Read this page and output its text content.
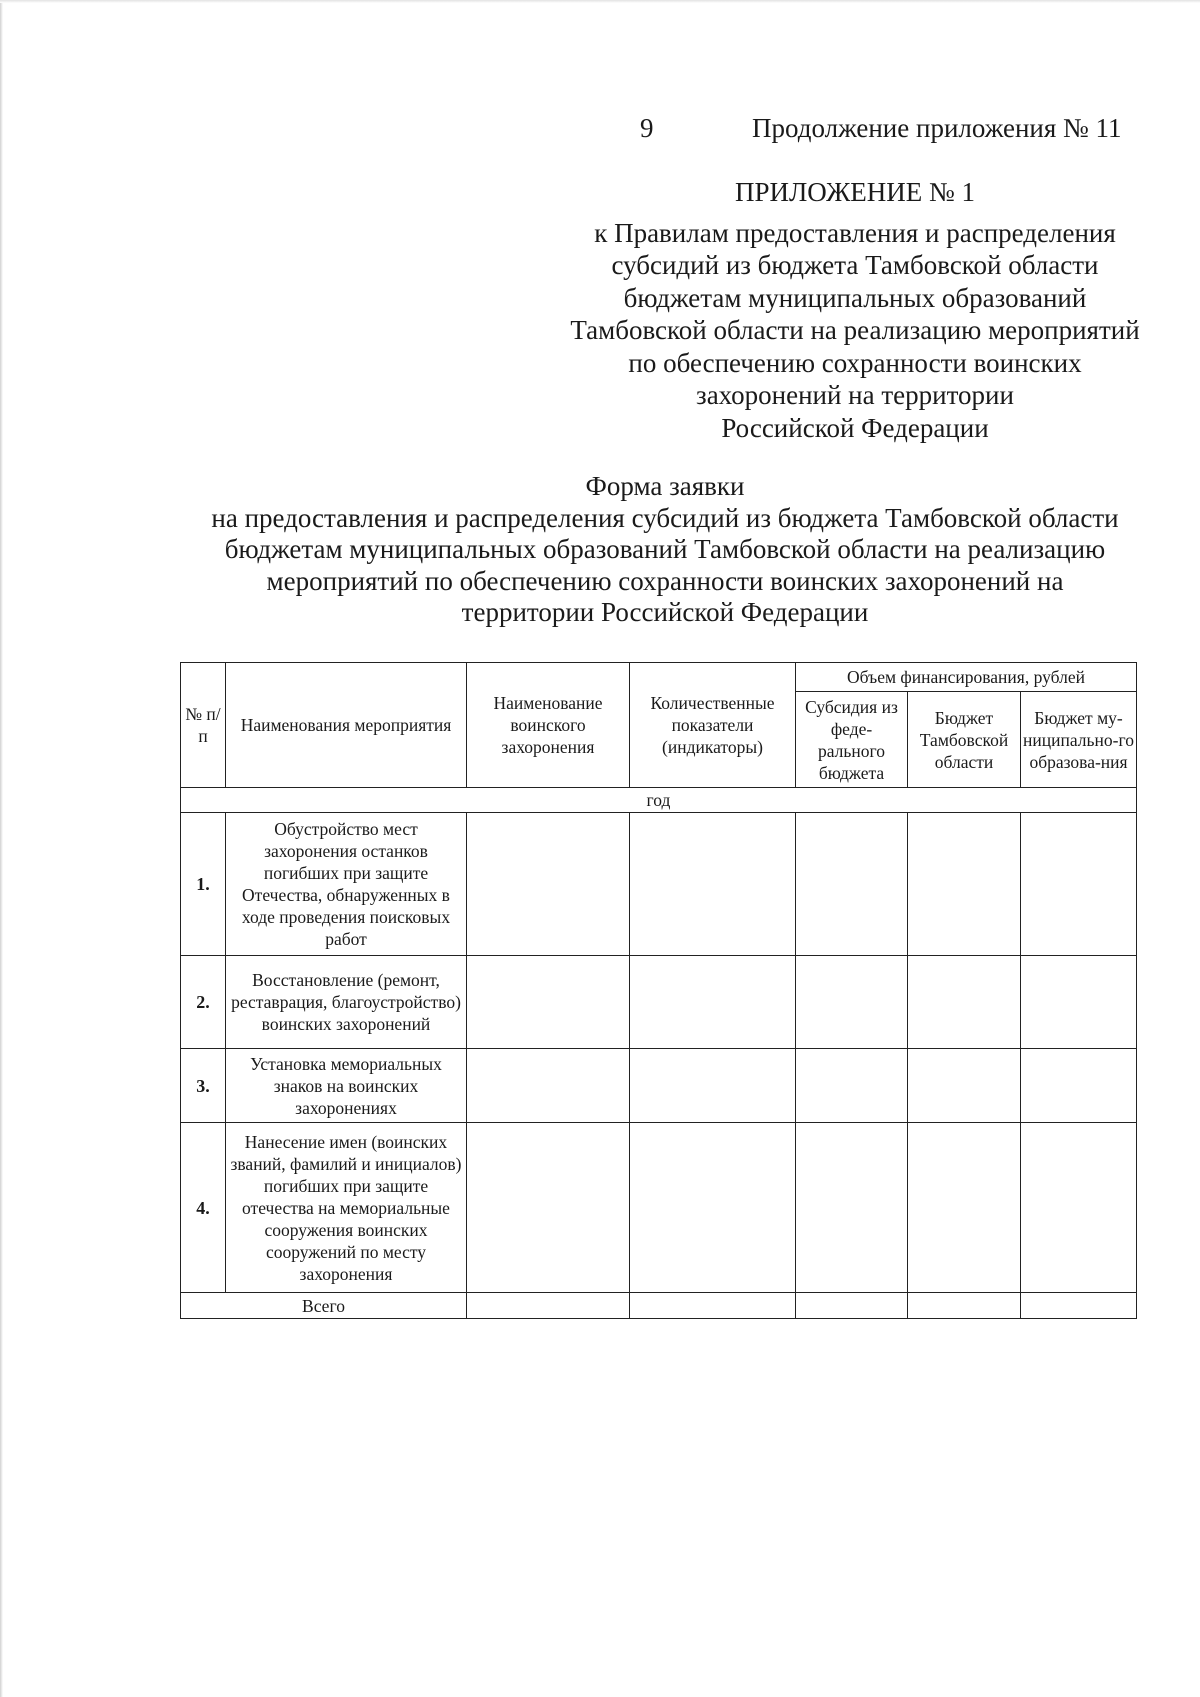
9	Продолжение приложения № 11
ПРИЛОЖЕНИЕ № 1
к Правилам предоставления и распределения
субсидий из бюджета Тамбовской области
бюджетам муниципальных образований
Тамбовской области на реализацию мероприятий
по обеспечению сохранности воинских
захоронений на территории
Российской Федерации
Форма заявки
на предоставления и распределения субсидий из бюджета Тамбовской области
бюджетам муниципальных образований Тамбовской области на реализацию
мероприятий по обеспечению сохранности воинских захоронений на
территории Российской Федерации
№ п/п	Наименования мероприятия	Наименование воинского захоронения	Количественные показатели (индикаторы)	Объем финансирования, рублей		
				Субсидия из феде-рального бюджета	Бюджет Тамбовской области	Бюджет му-ниципально-го образова-ния
год						
1.	Обустройство мест захоронения останков погибших при защите Отечества, обнаруженных в ходе проведения поисковых работ					
2.	Восстановление (ремонт, реставрация, благоустройство) воинских захоронений					
3.	Установка мемориальных знаков на воинских захоронениях					
4.	Нанесение имен (воинских званий, фамилий и инициалов) погибших при защите отечества на мемориальные сооружения воинских сооружений по месту захоронения					
Всего						
